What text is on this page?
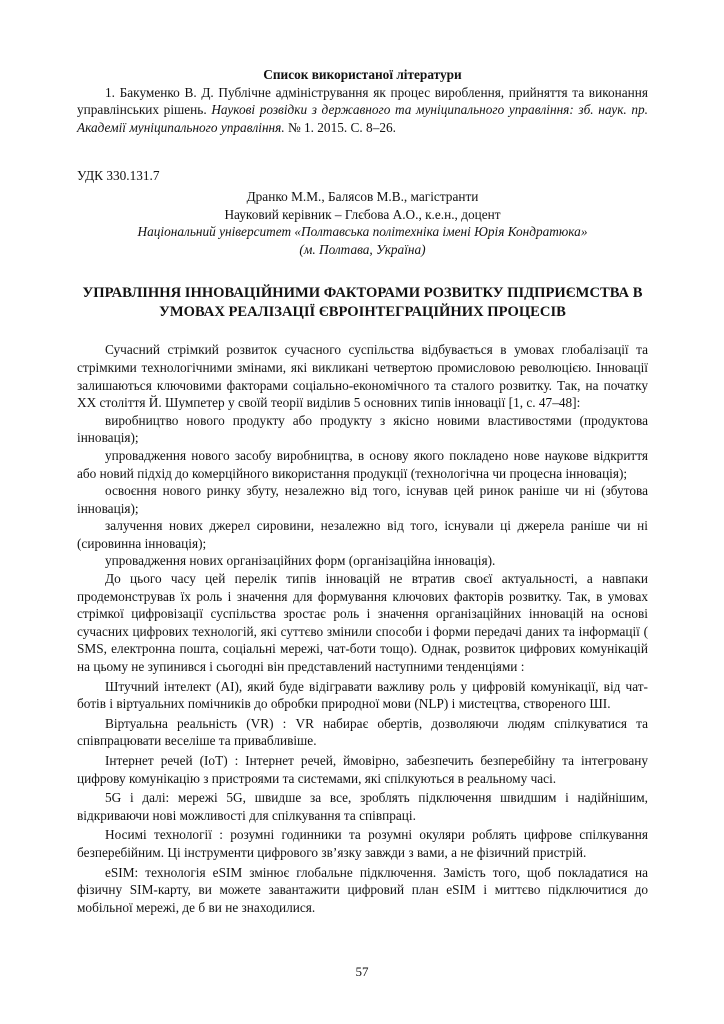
Список використаної літератури

1. Бакуменко В. Д. Публічне адміністрування як процес вироблення, прийняття та виконання управлінських рішень. Наукові розвідки з державного та муніципального управління: зб. наук. пр. Академії муніципального управління. № 1. 2015. С. 8–26.

УДК 330.131.7

Дранко М.М., Балясов М.В., магістранти

Науковий керівник – Глєбова А.О., к.е.н., доцент

Національний університет «Полтавська політехніка імені Юрія Кондратюка»

(м. Полтава, Україна)

УПРАВЛІННЯ ІННОВАЦІЙНИМИ ФАКТОРАМИ РОЗВИТКУ ПІДПРИЄМСТВА В
УМОВАХ РЕАЛІЗАЦІЇ ЄВРОІНТЕГРАЦІЙНИХ ПРОЦЕСІВ

Сучасний стрімкий розвиток сучасного суспільства відбувається в умовах глобалізації та стрімкими технологічними змінами, які викликані четвертою промисловою революцією. Інновації залишаються ключовими факторами соціально-економічного та сталого розвитку. Так, на початку ХХ століття Й. Шумпетер у своїй теорії виділив 5 основних типів інновації [1, с. 47–48]:

виробництво нового продукту або продукту з якісно новими властивостями (продуктова інновація);

упровадження нового засобу виробництва, в основу якого покладено нове наукове відкриття або новий підхід до комерційного використання продукції (технологічна чи процесна інновація);

освоєння нового ринку збуту, незалежно від того, існував цей ринок раніше чи ні (збутова інновація);

залучення нових джерел сировини, незалежно від того, існували ці джерела раніше чи ні (сировинна інновація);

упровадження нових організаційних форм (організаційна інновація).

До цього часу цей перелік типів інновацій не втратив своєї актуальності, а навпаки продемонстрував їх роль і значення для формування ключових факторів розвитку. Так, в умовах стрімкої цифровізації суспільства зростає роль і значення організаційних інновацій на основі сучасних цифрових технологій, які суттєво змінили способи і форми передачі даних та інформації ( SMS, електронна пошта, соціальні мережі, чат-боти тощо). Однак, розвиток цифрових комунікацій на цьому не зупинився і сьогодні він представлений наступними тенденціями :

Штучний інтелект (АІ), який буде відігравати важливу роль у цифровій комунікації, від чат-ботів і віртуальних помічників до обробки природної мови (NLP) і мистецтва, створеного ШІ.

Віртуальна реальність (VR) : VR набирає обертів, дозволяючи людям спілкуватися та співпрацювати веселіше та привабливіше.

Інтернет речей (IoT) : Інтернет речей, ймовірно, забезпечить безперебійну та інтегровану цифрову комунікацію з пристроями та системами, які спілкуються в реальному часі.

5G і далі: мережі 5G, швидше за все, зроблять підключення швидшим і надійнішим, відкриваючи нові можливості для спілкування та співпраці.

Носимі технології : розумні годинники та розумні окуляри роблять цифрове спілкування безперебійним. Ці інструменти цифрового зв’язку завжди з вами, а не фізичний пристрій.

eSIM: технологія eSIM змінює глобальне підключення. Замість того, щоб покладатися на фізичну SIM-карту, ви можете завантажити цифровий план eSIM і миттєво підключитися до мобільної мережі, де б ви не знаходилися.

57
